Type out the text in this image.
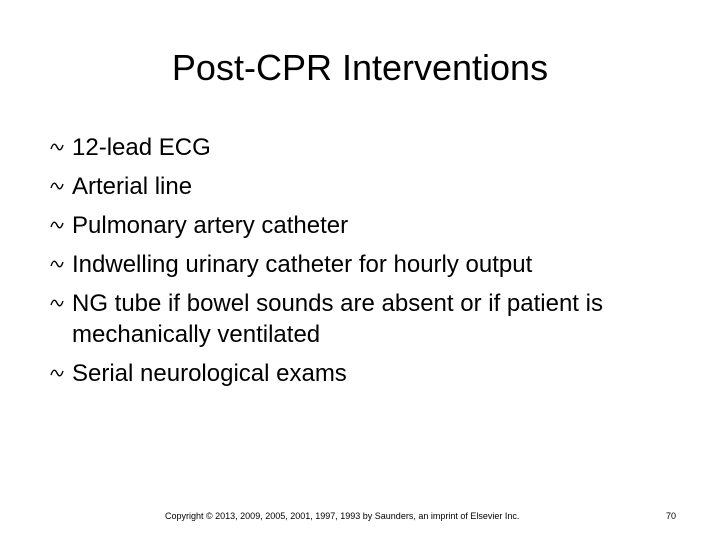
Post-CPR Interventions
12-lead ECG
Arterial line
Pulmonary artery catheter
Indwelling urinary catheter for hourly output
NG tube if bowel sounds are absent or if patient is mechanically ventilated
Serial neurological exams
Copyright © 2013, 2009, 2005, 2001, 1997, 1993 by Saunders, an imprint of Elsevier Inc.	70
